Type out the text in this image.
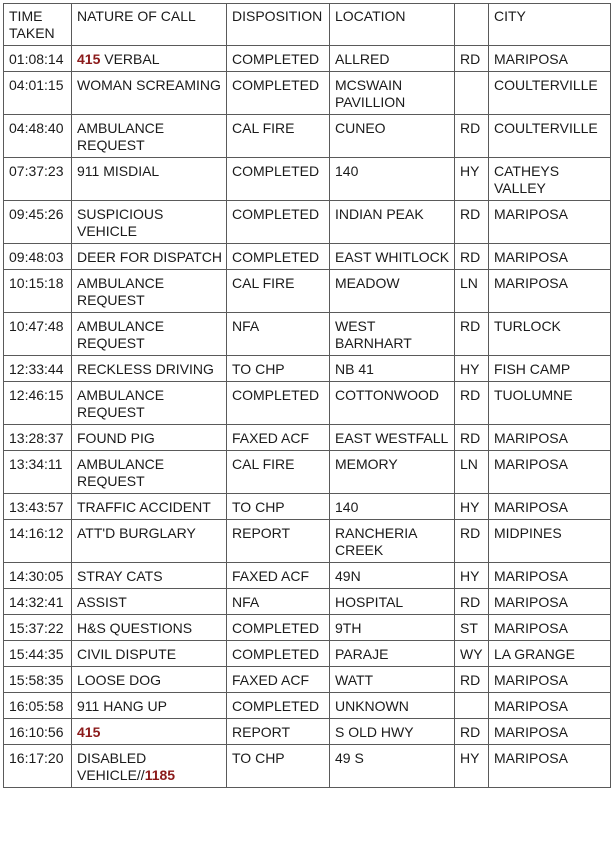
TIME TAKEN	NATURE OF CALL	DISPOSITION	LOCATION		CITY
01:08:14	415 VERBAL	COMPLETED	ALLRED	RD	MARIPOSA
04:01:15	WOMAN SCREAMING	COMPLETED	MCSWAIN PAVILLION		COULTERVILLE
04:48:40	AMBULANCE REQUEST	CAL FIRE	CUNEO	RD	COULTERVILLE
07:37:23	911 MISDIAL	COMPLETED	140	HY	CATHEYS VALLEY
09:45:26	SUSPICIOUS VEHICLE	COMPLETED	INDIAN PEAK	RD	MARIPOSA
09:48:03	DEER FOR DISPATCH	COMPLETED	EAST WHITLOCK	RD	MARIPOSA
10:15:18	AMBULANCE REQUEST	CAL FIRE	MEADOW	LN	MARIPOSA
10:47:48	AMBULANCE REQUEST	NFA	WEST BARNHART	RD	TURLOCK
12:33:44	RECKLESS DRIVING	TO CHP	NB 41	HY	FISH CAMP
12:46:15	AMBULANCE REQUEST	COMPLETED	COTTONWOOD	RD	TUOLUMNE
13:28:37	FOUND PIG	FAXED ACF	EAST WESTFALL	RD	MARIPOSA
13:34:11	AMBULANCE REQUEST	CAL FIRE	MEMORY	LN	MARIPOSA
13:43:57	TRAFFIC ACCIDENT	TO CHP	140	HY	MARIPOSA
14:16:12	ATT'D BURGLARY	REPORT	RANCHERIA CREEK	RD	MIDPINES
14:30:05	STRAY CATS	FAXED ACF	49N	HY	MARIPOSA
14:32:41	ASSIST	NFA	HOSPITAL	RD	MARIPOSA
15:37:22	H&S QUESTIONS	COMPLETED	9TH	ST	MARIPOSA
15:44:35	CIVIL DISPUTE	COMPLETED	PARAJE	WY	LA GRANGE
15:58:35	LOOSE DOG	FAXED ACF	WATT	RD	MARIPOSA
16:05:58	911 HANG UP	COMPLETED	UNKNOWN		MARIPOSA
16:10:56	415	REPORT	S OLD HWY	RD	MARIPOSA
16:17:20	DISABLED VEHICLE//1185	TO CHP	49 S	HY	MARIPOSA
